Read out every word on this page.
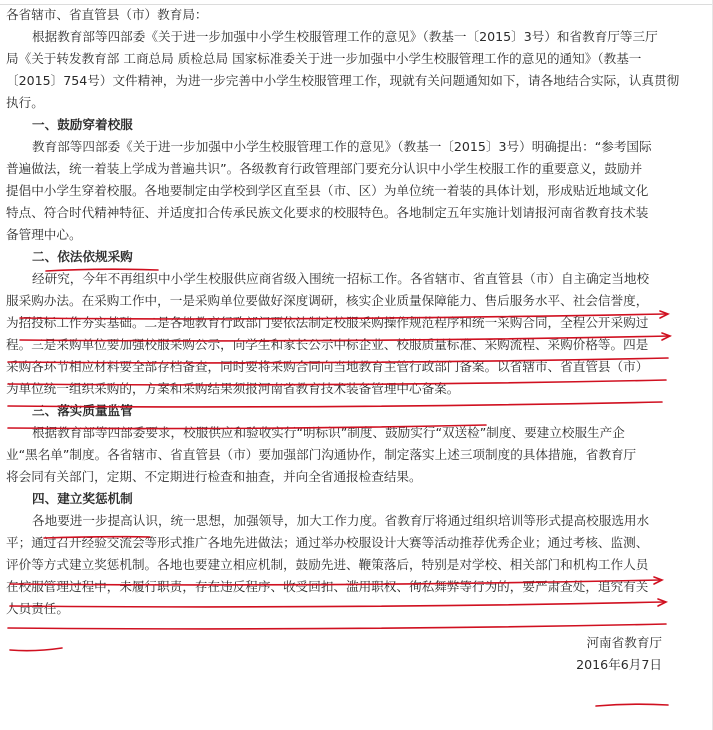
各省辖市、省直管县（市）教育局：
根据教育部等四部委《关于进一步加强中小学生校服管理工作的意见》（教基一〔2015〕3号）和省教育厅等三厅
局《关于转发教育部 工商总局 质检总局 国家标准委关于进一步加强中小学生校服管理工作的意见的通知》（教基一
〔2015〕754号）文件精神，为进一步完善中小学生校服管理工作，现就有关问题通知如下，请各地结合实际，认真贯彻
执行。
一、鼓励穿着校服
教育部等四部委《关于进一步加强中小学生校服管理工作的意见》（教基一〔2015〕3号）明确提出：“参考国际
普遍做法，统一着装上学成为普遍共识”。各级教育行政管理部门要充分认识中小学生校服工作的重要意义，鼓励并
提倡中小学生穿着校服。各地要制定由学校到学区直至县（市、区）为单位统一着装的具体计划，形成贴近地域文化
特点、符合时代精神特征、并适度扣合传承民族文化要求的校服特色。各地制定五年实施计划请报河南省教育技术装
备管理中心。
二、依法依规采购
经研究，今年不再组织中小学生校服供应商省级入围统一招标工作。各省辖市、省直管县（市）自主确定当地校
服采购办法。在采购工作中，一是采购单位要做好深度调研，核实企业质量保障能力、售后服务水平、社会信誉度，
为招投标工作夯实基础。二是各地教育行政部门要依法制定校服采购操作规范程序和统一采购合同，全程公开采购过
程。三是采购单位要加强校服采购公示，向学生和家长公示中标企业、校服质量标准、采购流程、采购价格等。四是
采购各环节相应材料要全部存档备查，同时要将采购合同向当地教育主管行政部门备案。以省辖市、省直管县（市）
为单位统一组织采购的，方案和采购结果须报河南省教育技术装备管理中心备案。
三、落实质量监管
根据教育部等四部委要求，校服供应和验收实行“明标识”制度、鼓励实行“双送检”制度、要建立校服生产企
业“黑名单”制度。各省辖市、省直管县（市）要加强部门沟通协作，制定落实上述三项制度的具体措施，省教育厅
将会同有关部门，定期、不定期进行检查和抽查，并向全省通报检查结果。
四、建立奖惩机制
各地要进一步提高认识，统一思想，加强领导，加大工作力度。省教育厅将通过组织培训等形式提高校服选用水
平；通过召开经验交流会等形式推广各地先进做法；通过举办校服设计大赛等活动推荐优秀企业；通过考核、监测、
评价等方式建立奖惩机制。各地也要建立相应机制，鼓励先进、鞭策落后，特别是对学校、相关部门和机构工作人员
在校服管理过程中，未履行职责，存在违反程序、收受回扣、滥用职权、徇私舞弊等行为的，要严肃查处，追究有关
人员责任。
河南省教育厅
2016年6月7日
